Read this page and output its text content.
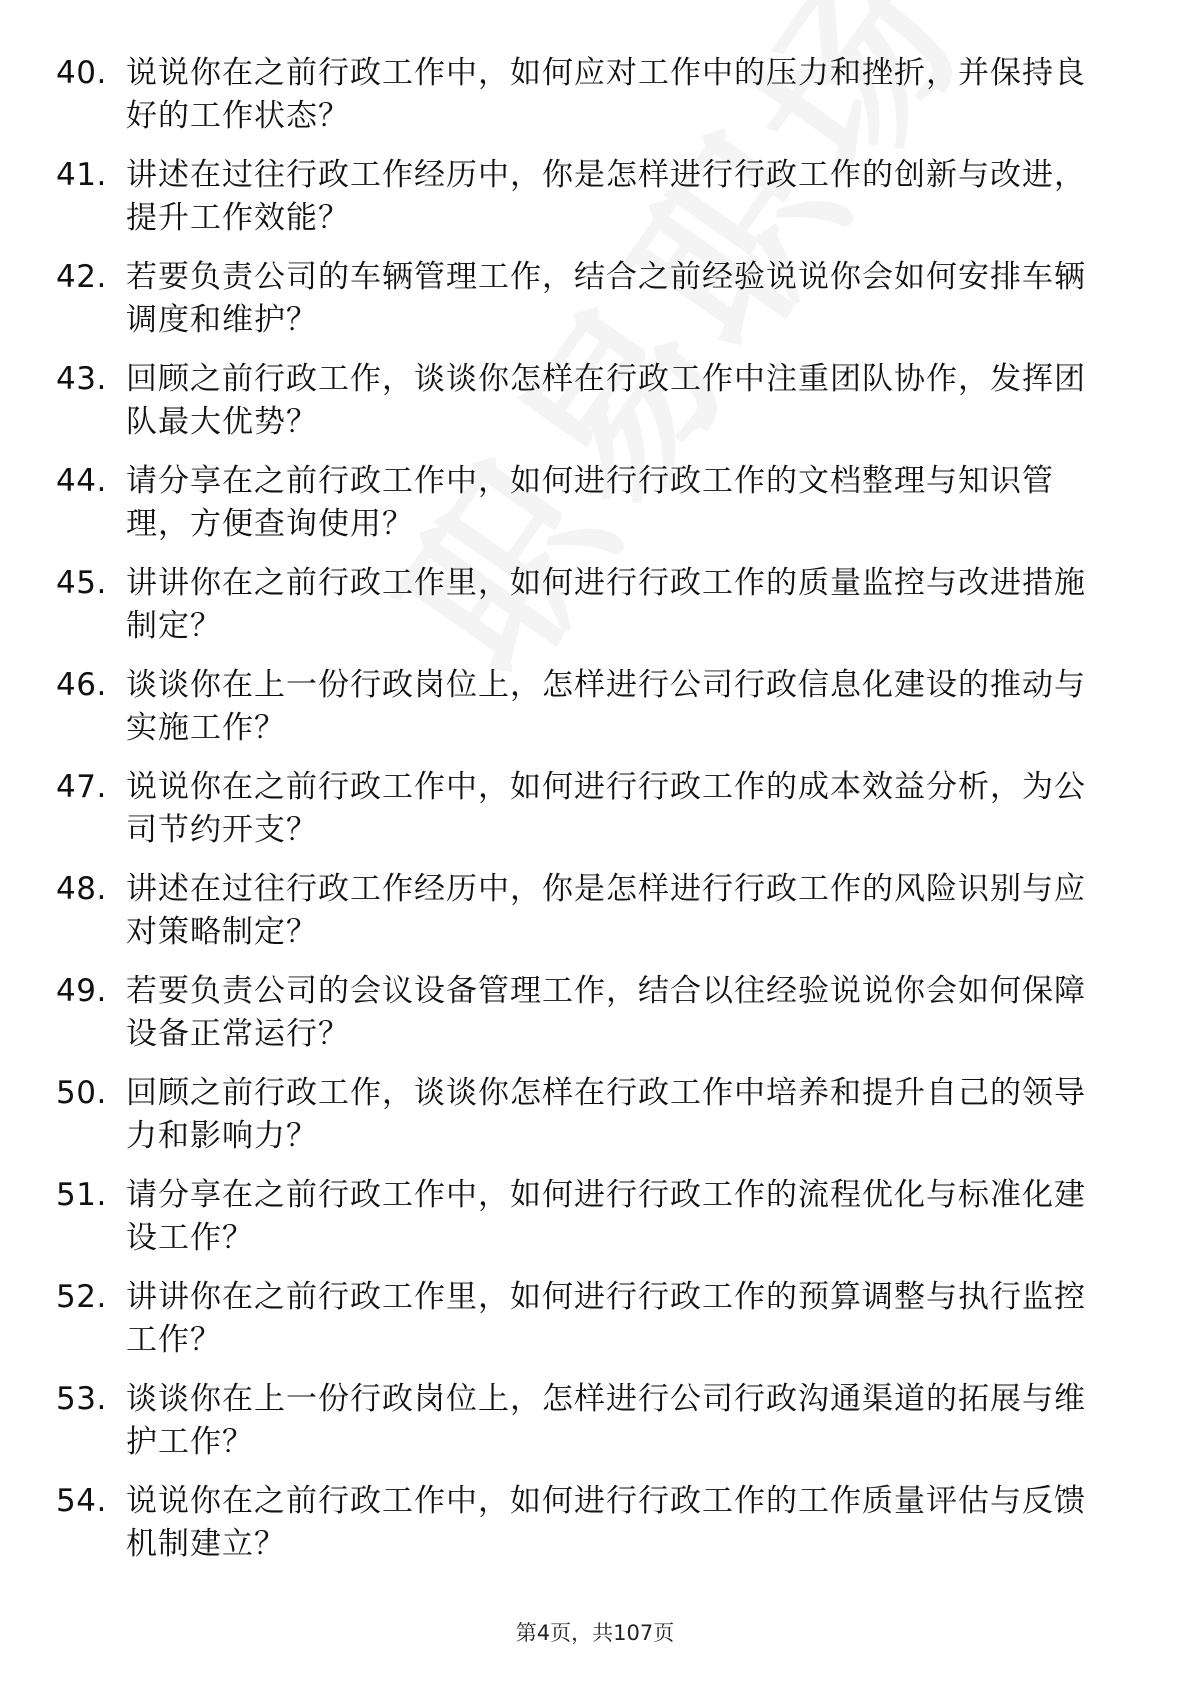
40. 说说你在之前行政工作中，如何应对工作中的压力和挫折，并保持良好的工作状态？
41. 讲述在过往行政工作经历中，你是怎样进行行政工作的创新与改进，提升工作效能？
42. 若要负责公司的车辆管理工作，结合之前经验说说你会如何安排车辆调度和维护？
43. 回顾之前行政工作，谈谈你怎样在行政工作中注重团队协作，发挥团队最大优势？
44. 请分享在之前行政工作中，如何进行行政工作的文档整理与知识管理，方便查询使用？
45. 讲讲你在之前行政工作里，如何进行行政工作的质量监控与改进措施制定？
46. 谈谈你在上一份行政岗位上，怎样进行公司行政信息化建设的推动与实施工作？
47. 说说你在之前行政工作中，如何进行行政工作的成本效益分析，为公司节约开支？
48. 讲述在过往行政工作经历中，你是怎样进行行政工作的风险识别与应对策略制定？
49. 若要负责公司的会议设备管理工作，结合以往经验说说你会如何保障设备正常运行？
50. 回顾之前行政工作，谈谈你怎样在行政工作中培养和提升自己的领导力和影响力？
51. 请分享在之前行政工作中，如何进行行政工作的流程优化与标准化建设工作？
52. 讲讲你在之前行政工作里，如何进行行政工作的预算调整与执行监控工作？
53. 谈谈你在上一份行政岗位上，怎样进行公司行政沟通渠道的拓展与维护工作？
54. 说说你在之前行政工作中，如何进行行政工作的工作质量评估与反馈机制建立？
第4页，共107页
